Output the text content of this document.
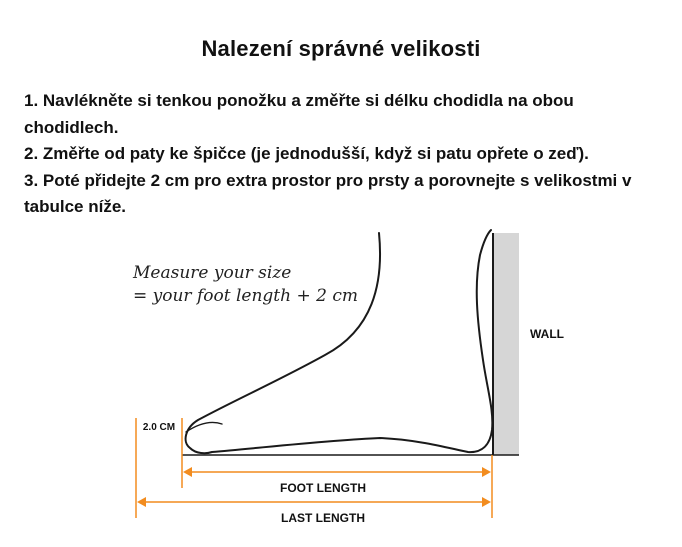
Nalezení správné velikosti

1. Navlékněte si tenkou ponožku a změřte si délku chodidla na obou chodidlech.

2. Změřte od paty ke špičce (je jednodušší, když si patu opřete o zeď).

3. Poté přidejte 2 cm pro extra prostor pro prsty a porovnejte s velikostmi v tabulce níže.

WALL
Measure your size
= your foot length + 2 cm
2.0 CM
FOOT LENGTH
LAST LENGTH
